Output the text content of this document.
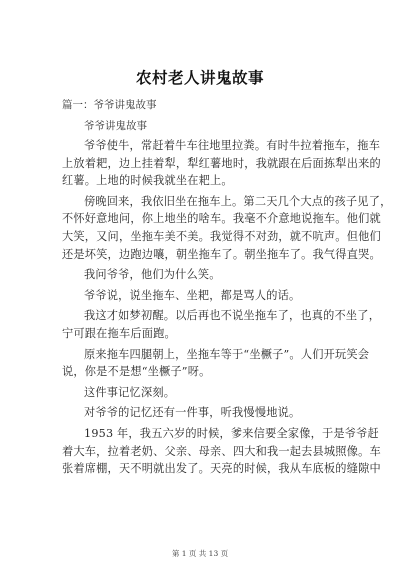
农村老人讲鬼故事
篇一：爷爷讲鬼故事
爷爷讲鬼故事
爷爷使牛，常赶着牛车往地里拉粪。有时牛拉着拖车，拖车
上放着耙，边上挂着犁，犁红薯地时，我就跟在后面拣犁出来的
红薯。上地的时候我就坐在耙上。
傍晚回来，我依旧坐在拖车上。第二天几个大点的孩子见了，
不怀好意地问，你上地坐的啥车。我毫不介意地说拖车。他们就
大笑，又问，坐拖车美不美。我觉得不对劲，就不吭声。但他们
还是坏笑，边跑边嚷，朝坐拖车了。朝坐拖车了。我气得直哭。
我问爷爷，他们为什么笑。
爷爷说，说坐拖车、坐耙，都是骂人的话。
我这才如梦初醒。以后再也不说坐拖车了，也真的不坐了，
宁可跟在拖车后面跑。
原来拖车四腿朝上，坐拖车等于“坐橛子”。人们开玩笑会
说，你是不是想“坐橛子”呀。
这件事记忆深刻。
对爷爷的记忆还有一件事，听我慢慢地说。
1953 年，我五六岁的时候，爹来信要全家像，于是爷爷赶
着大车，拉着老奶、父亲、母亲、四大和我一起去县城照像。车
张着席棚，天不明就出发了。天亮的时候，我从车底板的缝隙中
第 1 页 共 13 页
